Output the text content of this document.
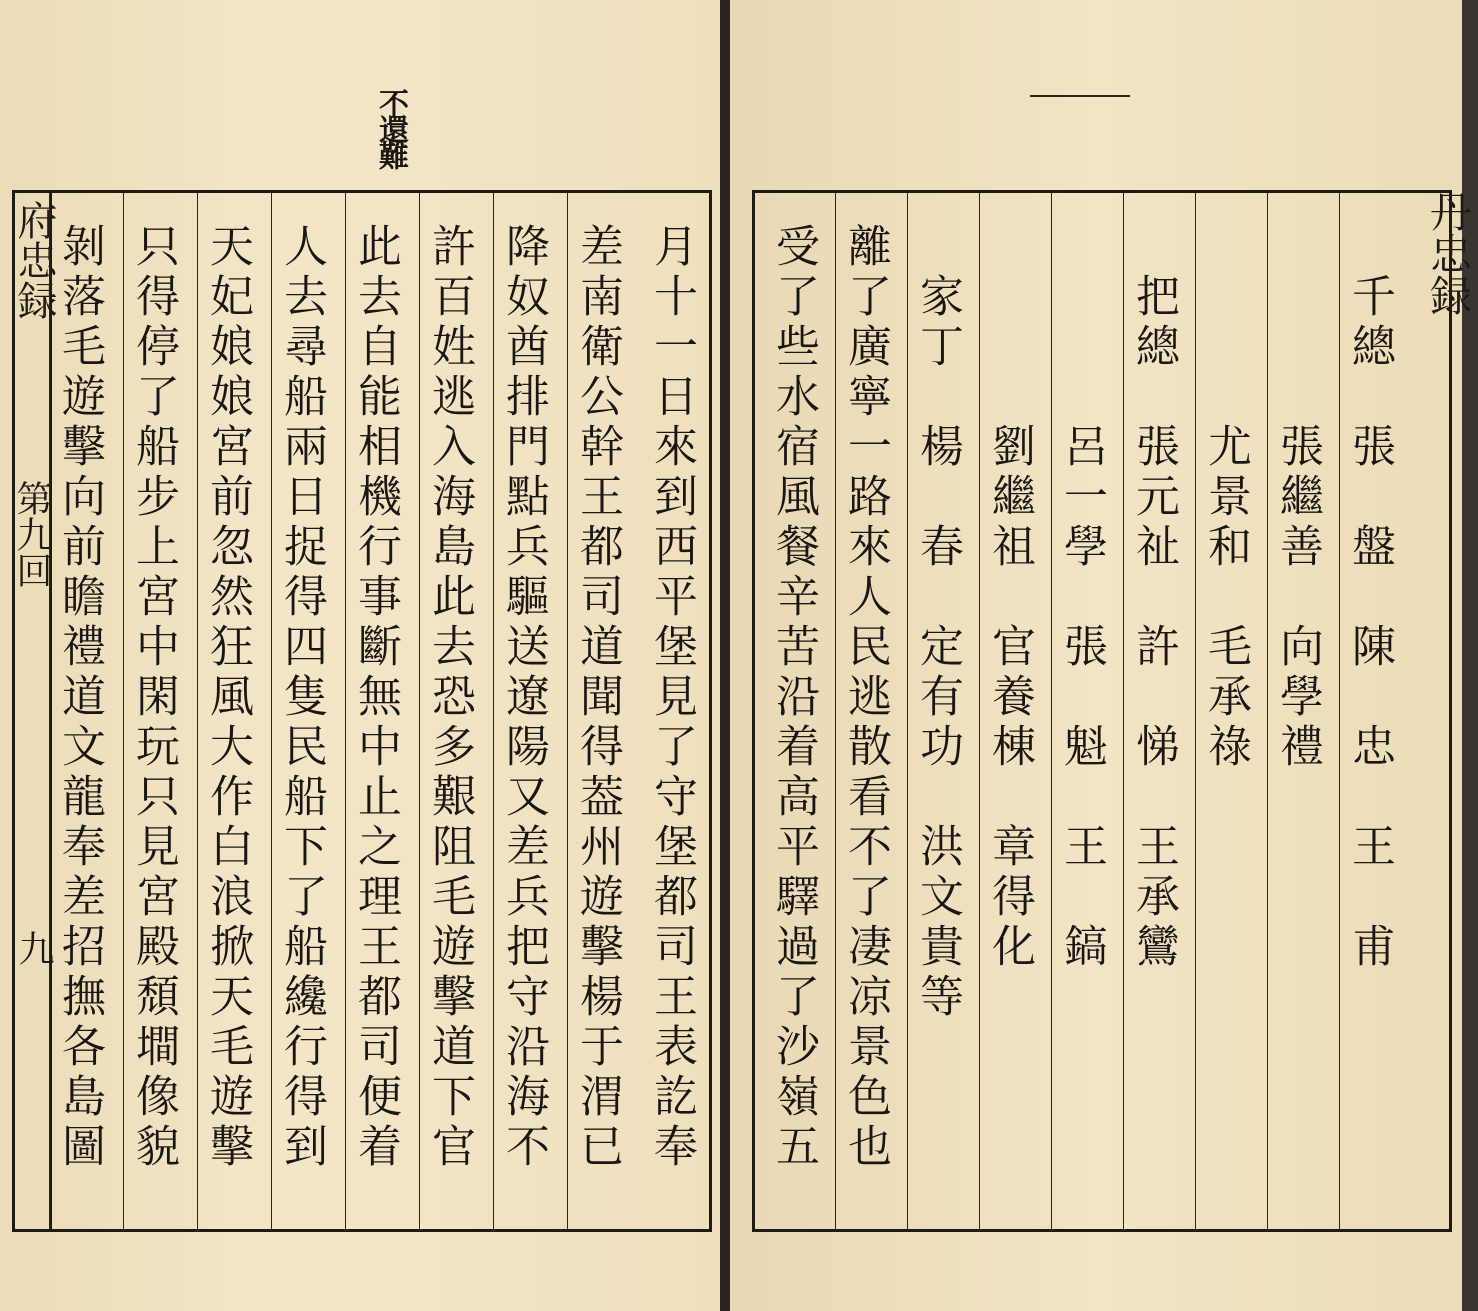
府忠録
第九回
九
不還難
月十一日來到西平堡見了守堡都司王表訖奉
差南衛公幹王都司道聞得葢州遊擊楊于渭已
降奴酋排門點兵驅送遼陽又差兵把守沿海不
許百姓逃入海島此去恐多艱阻毛遊擊道下官
此去自能相機行事斷無中止之理王都司便着
人去尋船兩日捉得四隻民船下了船纔行得到
天妃娘娘宮前忽然狂風大作白浪掀天毛遊擊
只得停了船步上宮中閑玩只見宮殿頹墹像貌
剝落毛遊擊向前瞻禮道文龍奉差招撫各島圖	丹忠録
受了些水宿風餐辛苦沿着高平驛過了沙嶺五 離了廣寧一路來人民逃散看不了凄凉景色也 　家丁　楊　春　定有功　洪文貴等 　　　　劉繼祖　官養棟　章得化 　　　　呂一學　張　魁　王　鎬 　把總　張元祉　許　悌　王承鸞 　　　　尤景和　毛承祿 　　　　張繼善　向學禮 　千總　張　盤　陳　忠　王　甫
